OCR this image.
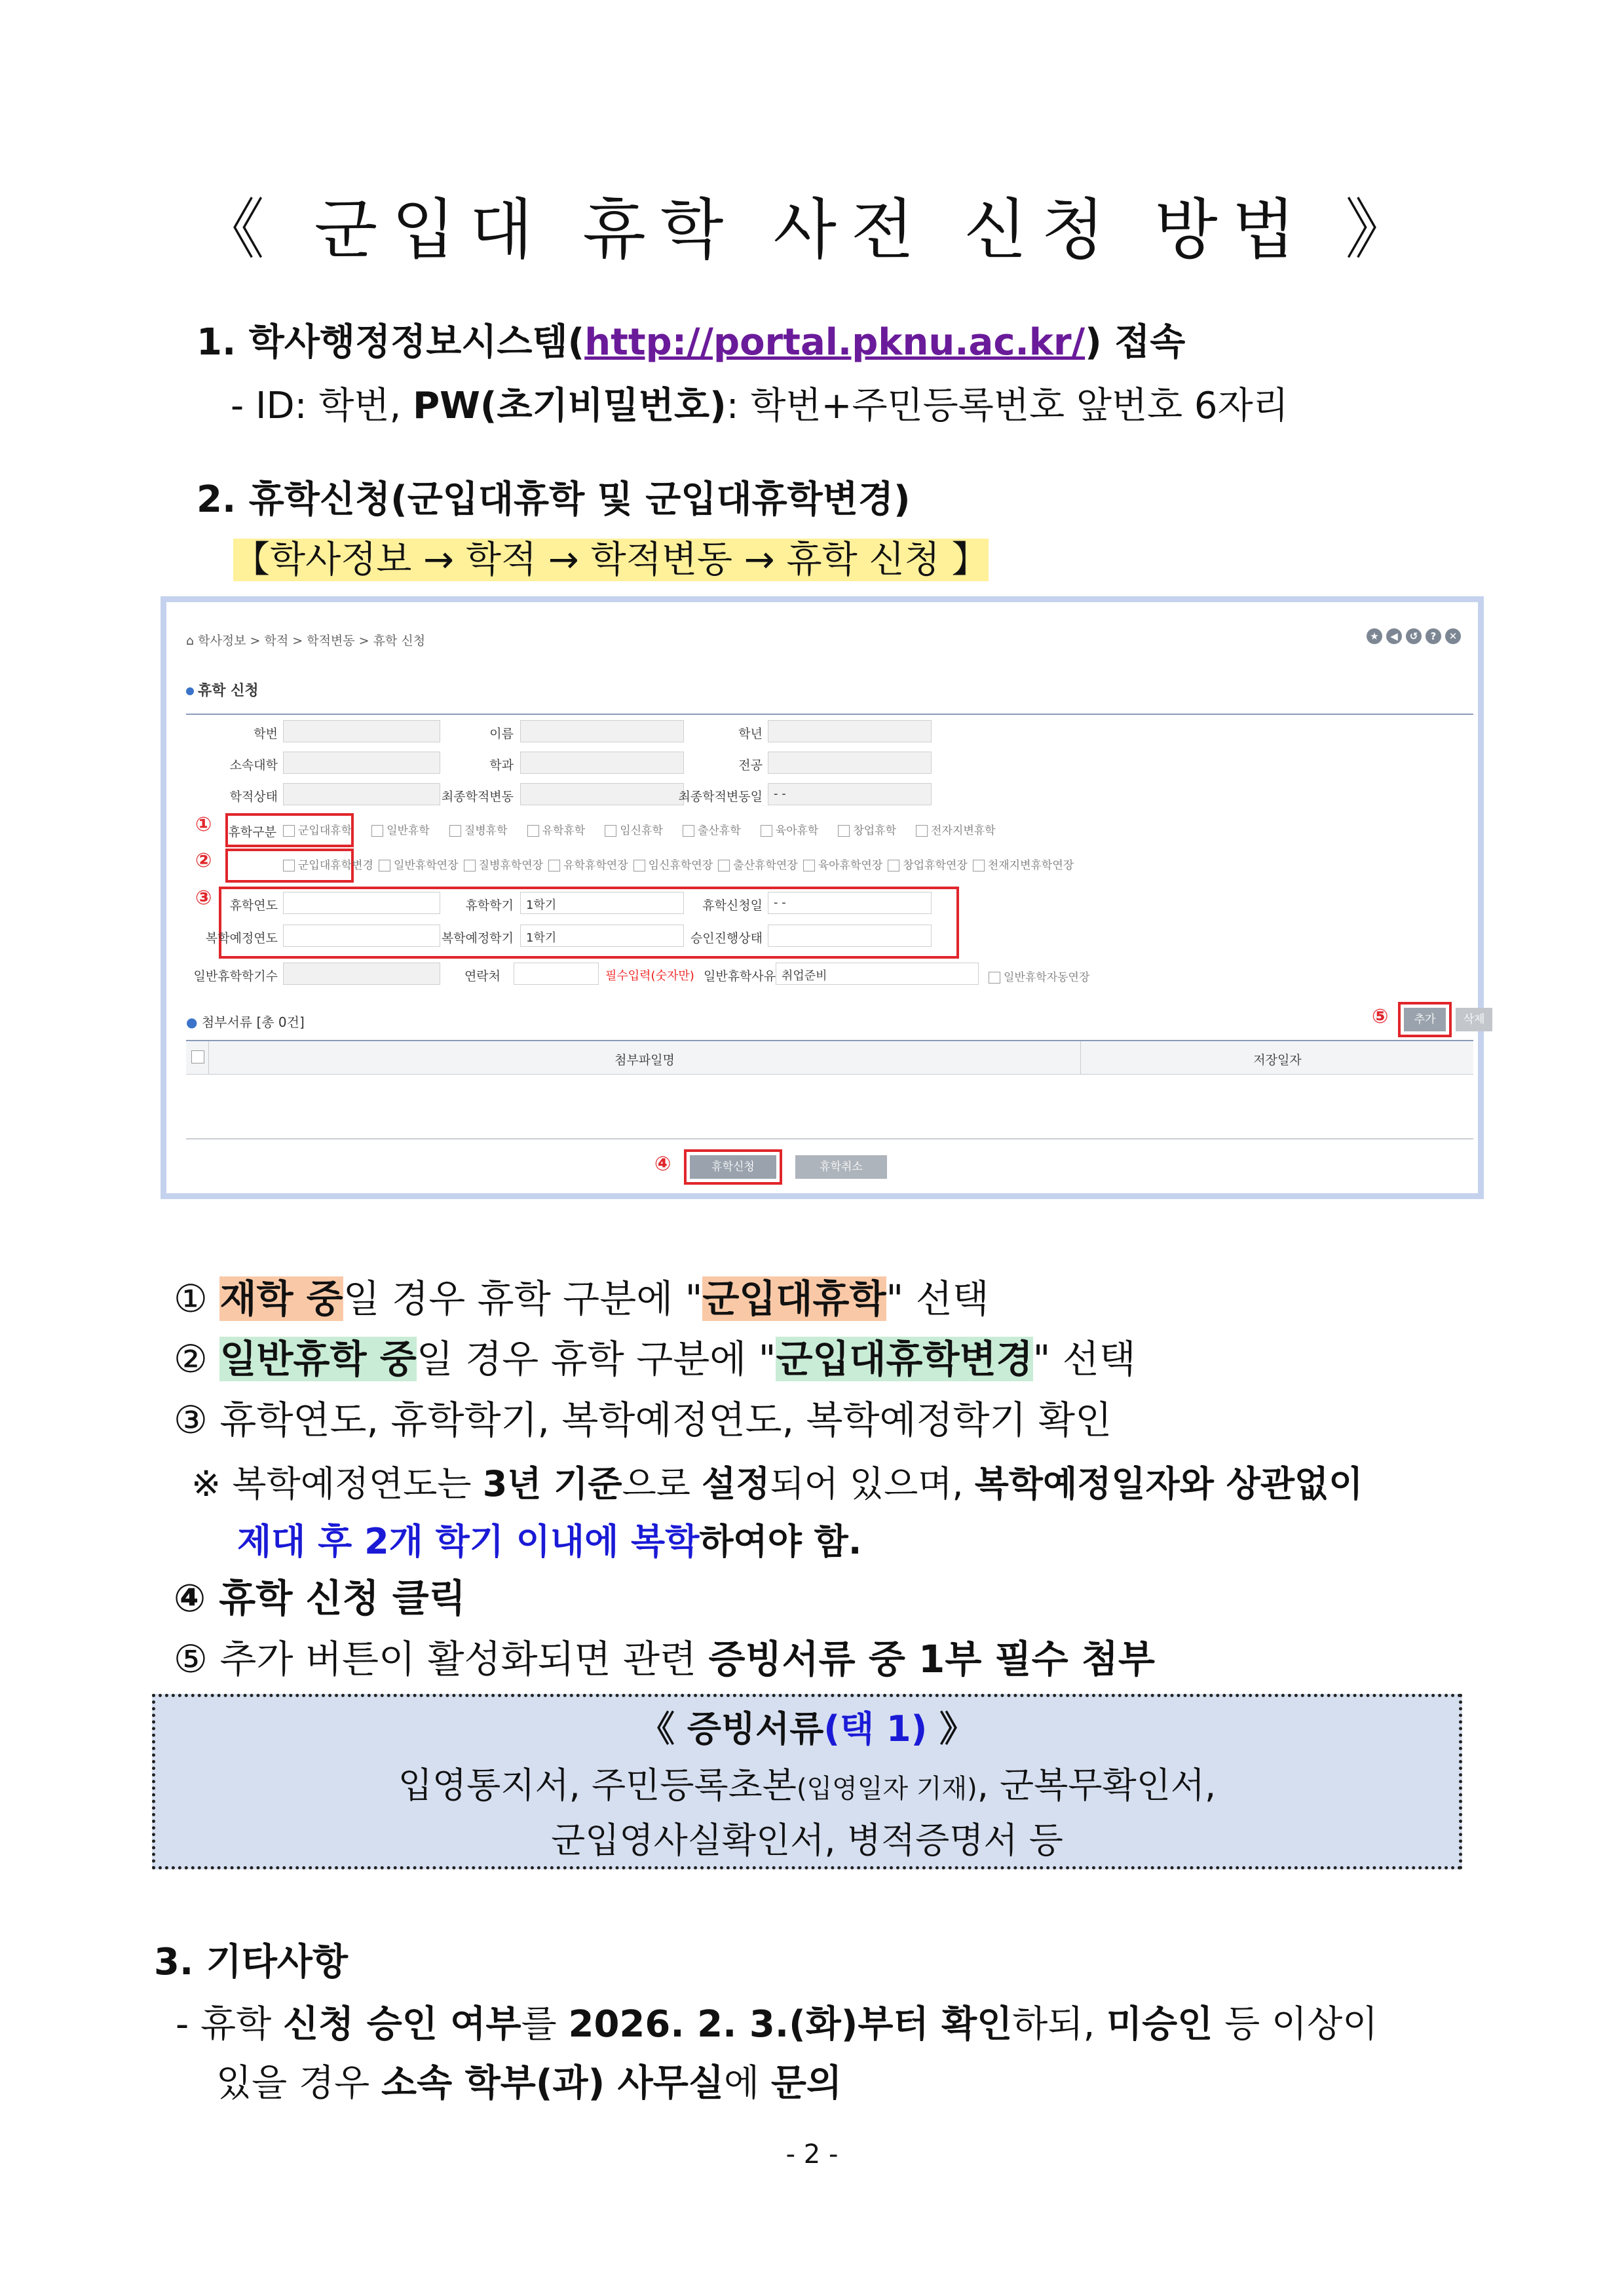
《 군입대 휴학 사전 신청 방법 》
1. 학사행정정보시스템(http://portal.pknu.ac.kr/) 접속
- ID: 학번, PW(초기비밀번호): 학번+주민등록번호 앞번호 6자리
2. 휴학신청(군입대휴학 및 군입대휴학변경)
【학사정보 → 학적 → 학적변동 → 휴학 신청 】
⌂ 학사정보 > 학적 > 학적변동 > 휴학 신청	★ ◀ ↺ ? ✕
휴학 신청
학번	이름	학년
소속대학	학과	전공
학적상태	최종학적변동	최종학적변동일 - -
①	휴학구분	군입대휴학	일반휴학	질병휴학	유학휴학	임신휴학	출산휴학	육아휴학	창업휴학	전자지변휴학
②	군입대휴학변경 일반휴학연장 질병휴학연장 유학휴학연장 임신휴학연장 출산휴학연장 육아휴학연장 창업휴학연장 천재지변휴학연장
③	휴학연도	휴학학기	1학기	휴학신청일 - -
복학예정연도	복학예정학기	1학기	승인진행상태
일반휴학학기수	연락처	필수입력(숫자만) 일반휴학사유 취업준비	일반휴학자동연장
● 첨부서류 [총 0건]	⑤	추가	삭제
첨부파일명	저장일자
④	휴학신청	휴학취소
① 재학 중일 경우 휴학 구분에 "군입대휴학" 선택
② 일반휴학 중일 경우 휴학 구분에 "군입대휴학변경" 선택
③ 휴학연도, 휴학학기, 복학예정연도, 복학예정학기 확인
※ 복학예정연도는 3년 기준으로 설정되어 있으며, 복학예정일자와 상관없이
제대 후 2개 학기 이내에 복학하여야 함.
④ 휴학 신청 클릭
⑤ 추가 버튼이 활성화되면 관련 증빙서류 중 1부 필수 첨부
《 증빙서류(택 1) 》
입영통지서, 주민등록초본(입영일자 기재), 군복무확인서,
군입영사실확인서, 병적증명서 등
3. 기타사항
- 휴학 신청 승인 여부를 2026. 2. 3.(화)부터 확인하되, 미승인 등 이상이
있을 경우 소속 학부(과) 사무실에 문의
- 2 -
